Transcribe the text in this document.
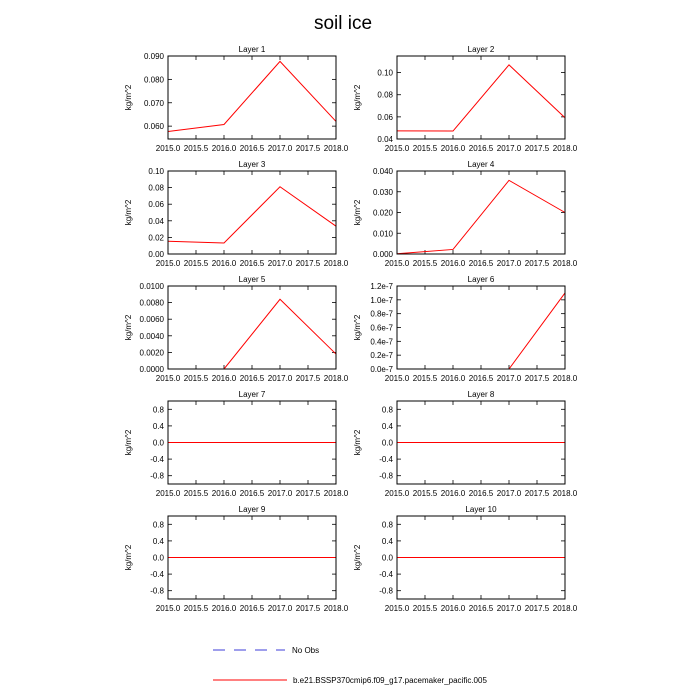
soil ice
Layer 1
kg/m^2
0.060
0.070
0.080
0.090
2015.0 2015.5 2016.0 2016.5 2017.0 2017.5 2018.0
Layer 2
kg/m^2
0.04
0.06
0.08
0.10
2015.0 2015.5 2016.0 2016.5 2017.0 2017.5 2018.0
Layer 3
kg/m^2
0.00
0.02
0.04
0.06
0.08
0.10
2015.0 2015.5 2016.0 2016.5 2017.0 2017.5 2018.0
Layer 4
kg/m^2
0.000
0.010
0.020
0.030
0.040
2015.0 2015.5 2016.0 2016.5 2017.0 2017.5 2018.0
Layer 5
kg/m^2
0.0000
0.0020
0.0040
0.0060
0.0080
0.0100
2015.0 2015.5 2016.0 2016.5 2017.0 2017.5 2018.0
Layer 6
kg/m^2
0.0e-7
0.2e-7
0.4e-7
0.6e-7
0.8e-7
1.0e-7
1.2e-7
2015.0 2015.5 2016.0 2016.5 2017.0 2017.5 2018.0
Layer 7
kg/m^2
-0.8
-0.4
0.0
0.4
0.8
2015.0 2015.5 2016.0 2016.5 2017.0 2017.5 2018.0
Layer 8
kg/m^2
-0.8
-0.4
0.0
0.4
0.8
2015.0 2015.5 2016.0 2016.5 2017.0 2017.5 2018.0
Layer 9
kg/m^2
-0.8
-0.4
0.0
0.4
0.8
2015.0 2015.5 2016.0 2016.5 2017.0 2017.5 2018.0
Layer 10
kg/m^2
-0.8
-0.4
0.0
0.4
0.8
2015.0 2015.5 2016.0 2016.5 2017.0 2017.5 2018.0
No Obs
b.e21.BSSP370cmip6.f09_g17.pacemaker_pacific.005
